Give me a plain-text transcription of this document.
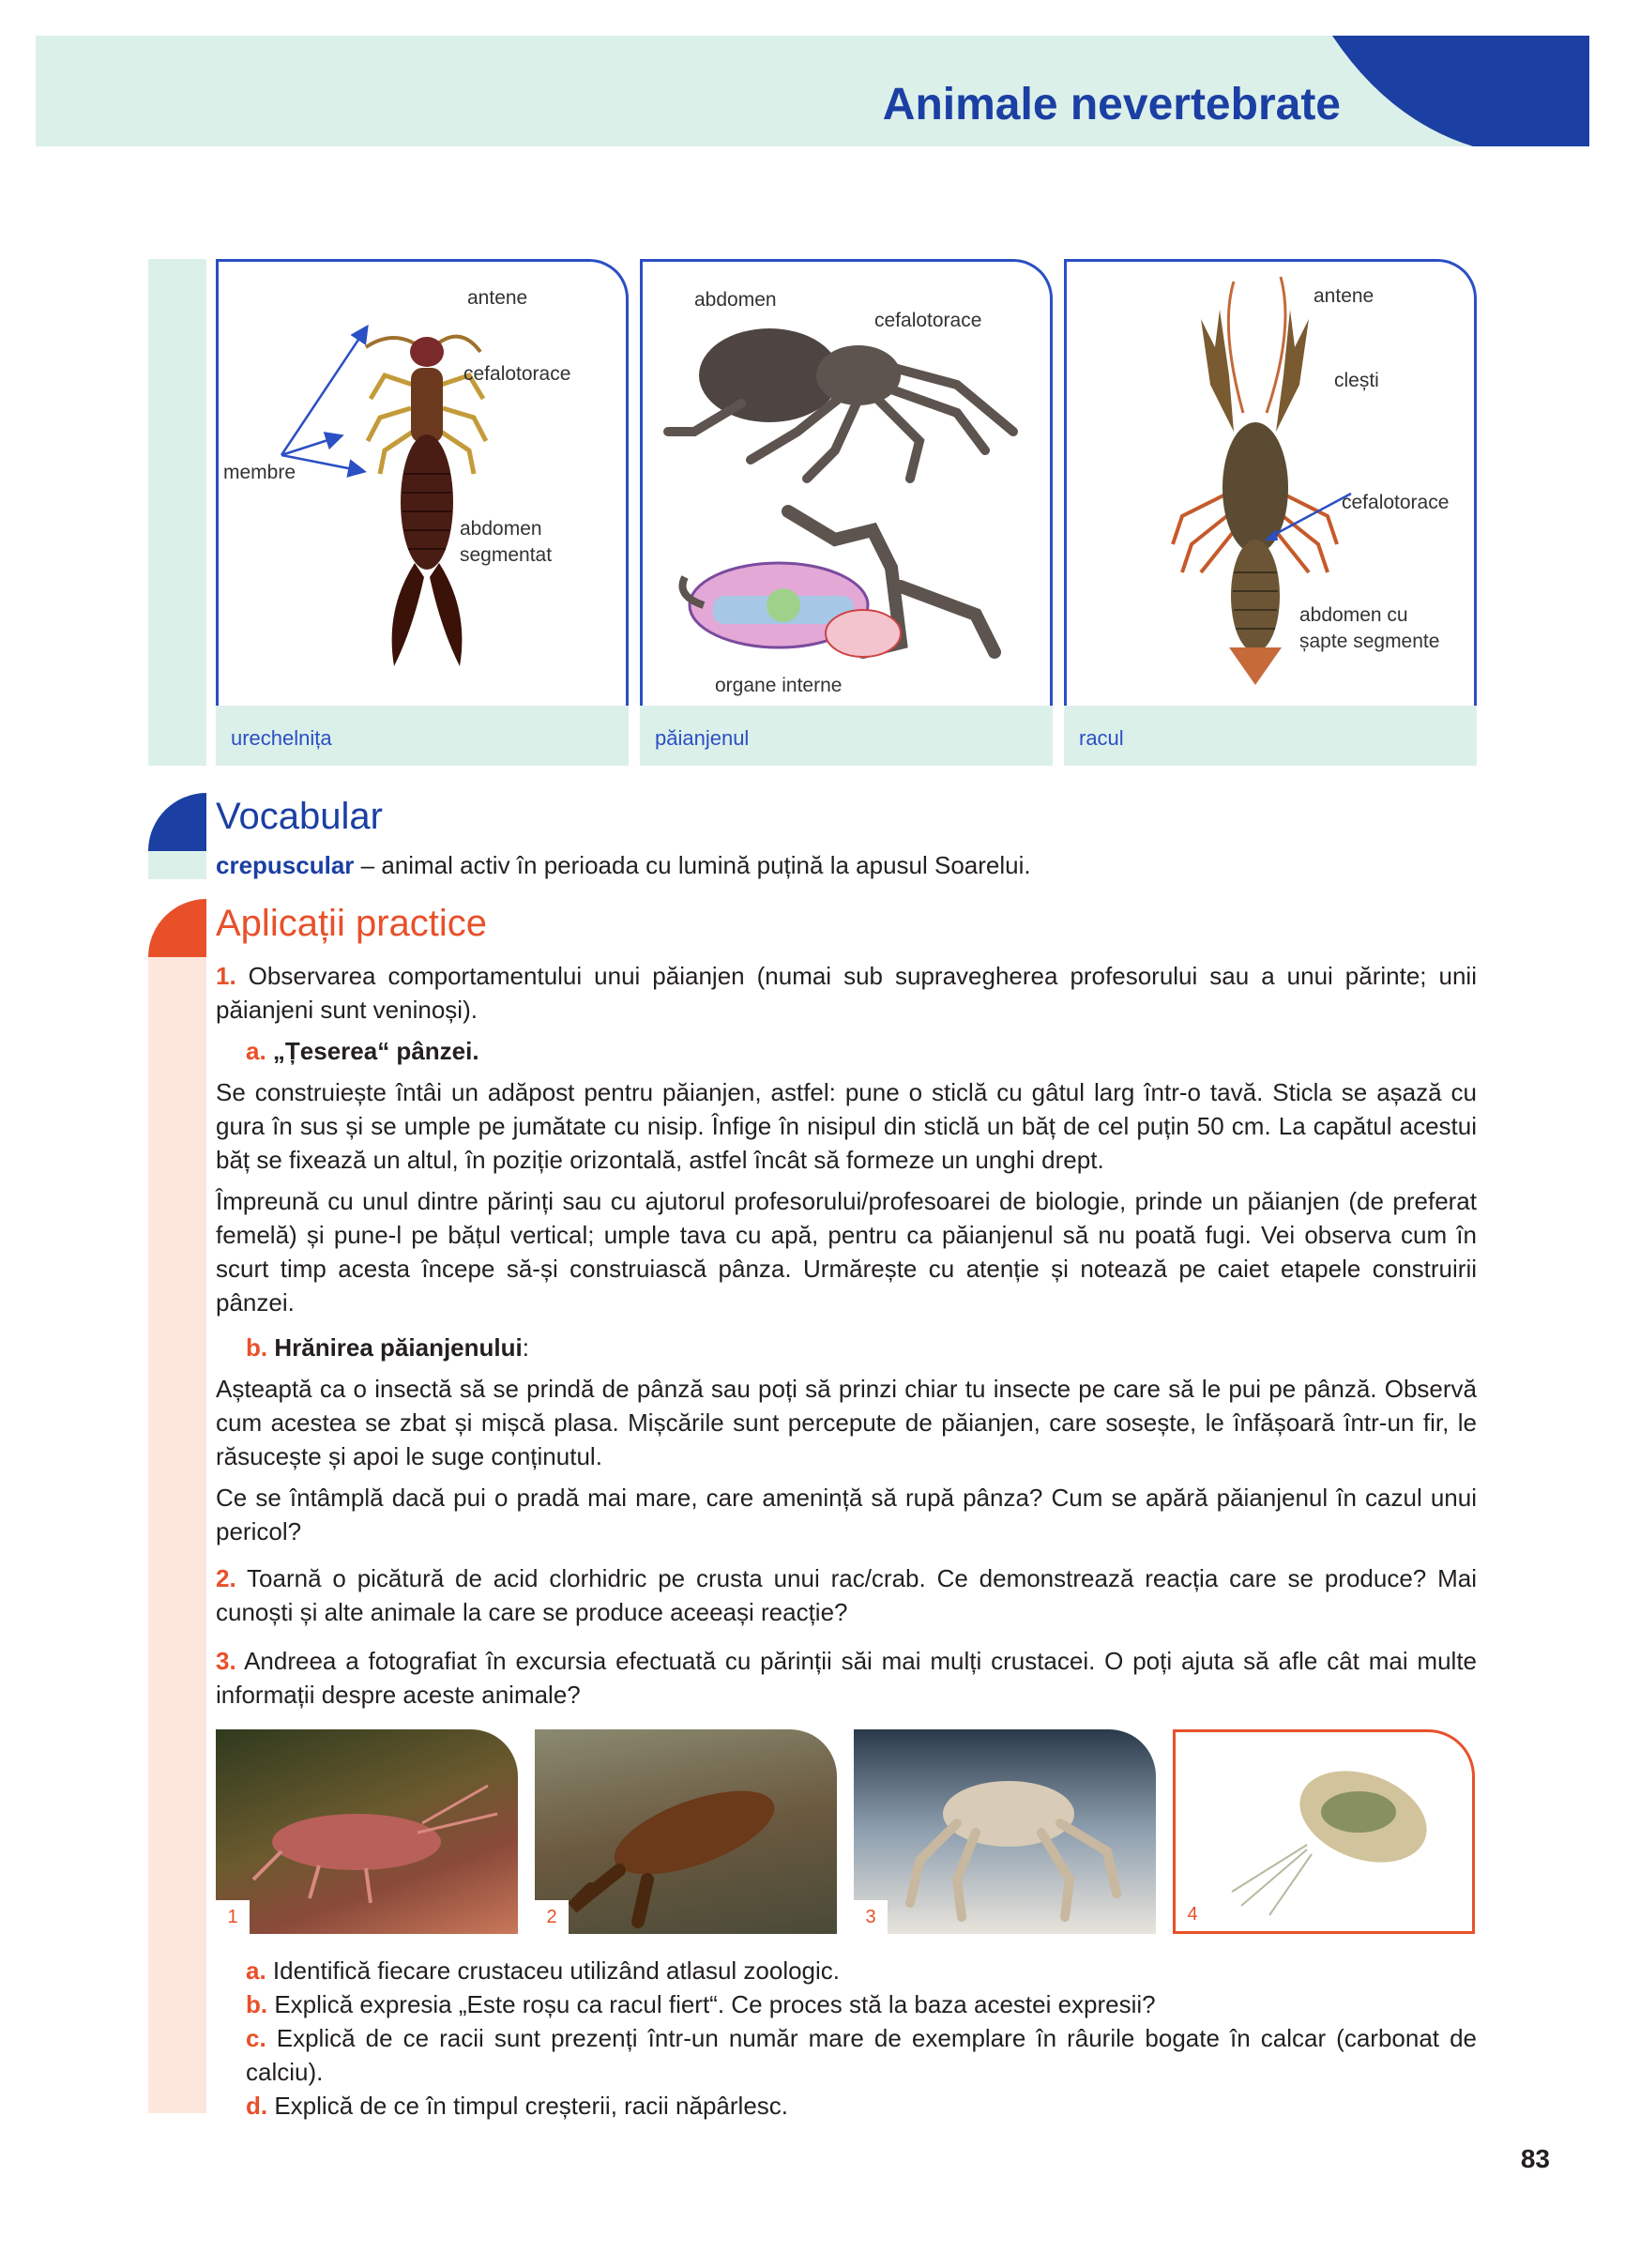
Animale nevertebrate
urechelnița
antene
cefalotorace
membre
abdomen
segmentat
păianjenul
abdomen
cefalotorace
organe interne
racul
antene
clești
cefalotorace
abdomen cu
șapte segmente
Vocabular
crepuscular – animal activ în perioada cu lumină puțină la apusul Soarelui.
Aplicații practice
1. Observarea comportamentului unui păianjen (numai sub supravegherea profesorului sau a unui părinte; unii păianjeni sunt veninoși).
a. „Țeserea“ pânzei.
Se construiește întâi un adăpost pentru păianjen, astfel: pune o sticlă cu gâtul larg într-o tavă. Sticla se așază cu gura în sus și se umple pe jumătate cu nisip. Înfige în nisipul din sticlă un băț de cel puțin 50 cm. La capătul acestui băț se fixează un altul, în poziție orizontală, astfel încât să formeze un unghi drept.
Împreună cu unul dintre părinți sau cu ajutorul profesorului/profesoarei de biologie, prinde un păianjen (de preferat femelă) și pune-l pe bățul vertical; umple tava cu apă, pentru ca păianjenul să nu poată fugi. Vei observa cum în scurt timp acesta începe să-și construiască pânza. Urmărește cu atenție și notează pe caiet etapele construirii pânzei.
b. Hrănirea păianjenului:
Așteaptă ca o insectă să se prindă de pânză sau poți să prinzi chiar tu insecte pe care să le pui pe pânză. Observă cum acestea se zbat și mișcă plasa. Mișcările sunt percepute de păianjen, care sosește, le înfășoară într-un fir, le răsucește și apoi le suge conținutul.
Ce se întâmplă dacă pui o pradă mai mare, care amenință să rupă pânza? Cum se apără păianjenul în cazul unui pericol?
2. Toarnă o picătură de acid clorhidric pe crusta unui rac/crab. Ce demonstrează reacția care se produce? Mai cunoști și alte animale la care se produce aceeași reacție?
3. Andreea a fotografiat în excursia efectuată cu părinții săi mai mulți crustacei. O poți ajuta să afle cât mai multe informații despre aceste animale?
1	2	3	4
a. Identifică fiecare crustaceu utilizând atlasul zoologic.
b. Explică expresia „Este roșu ca racul fiert“. Ce proces stă la baza acestei expresii?
c. Explică de ce racii sunt prezenți într-un număr mare de exemplare în râurile bogate în calcar (carbonat de calciu).
d. Explică de ce în timpul creșterii, racii năpârlesc.
83
